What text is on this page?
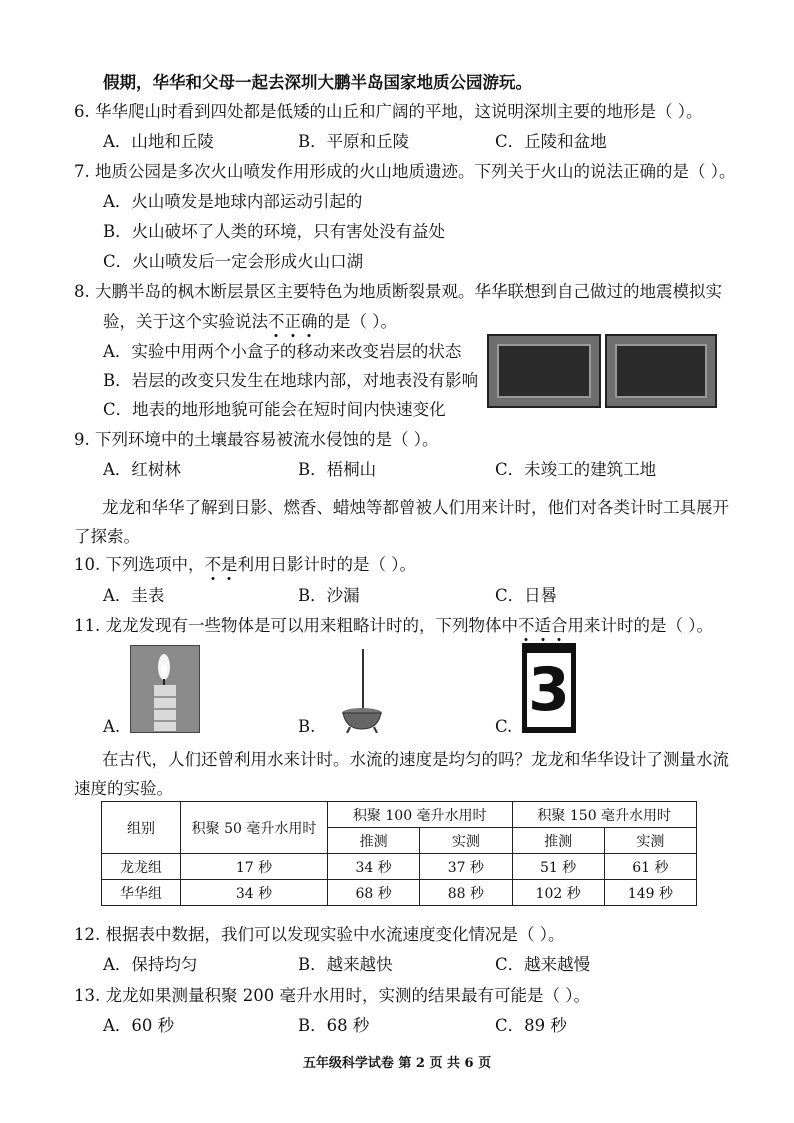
假期，华华和父母一起去深圳大鹏半岛国家地质公园游玩。
6. 华华爬山时看到四处都是低矮的山丘和广阔的平地，这说明深圳主要的地形是（ ）。
A．山地和丘陵	B．平原和丘陵	C．丘陵和盆地
7. 地质公园是多次火山喷发作用形成的火山地质遗迹。下列关于火山的说法正确的是（ ）。
A．火山喷发是地球内部运动引起的
B．火山破坏了人类的环境，只有害处没有益处
C．火山喷发后一定会形成火山口湖
8. 大鹏半岛的枫木断层景区主要特色为地质断裂景观。华华联想到自己做过的地震模拟实
验，关于这个实验说法不正确的是（ ）。
A．实验中用两个小盒子的移动来改变岩层的状态
B．岩层的改变只发生在地球内部，对地表没有影响
C．地表的地形地貌可能会在短时间内快速变化
9. 下列环境中的土壤最容易被流水侵蚀的是（ ）。
A．红树林	B．梧桐山	C．未竣工的建筑工地
龙龙和华华了解到日影、燃香、蜡烛等都曾被人们用来计时，他们对各类计时工具展开了探索。
10. 下列选项中，不是利用日影计时的是（ ）。
A．圭表	B．沙漏	C．日晷
11. 龙龙发现有一些物体是可以用来粗略计时的，下列物体中不适合用来计时的是（ ）。
A.	B.	C.
3
在古代，人们还曾利用水来计时。水流的速度是均匀的吗？龙龙和华华设计了测量水流速度的实验。
组别	积聚 50 毫升水用时	积聚 100 毫升水用时		积聚 150 毫升水用时	
		推测	实测	推测	实测
龙龙组	17 秒	34 秒	37 秒	51 秒	61 秒
华华组	34 秒	68 秒	88 秒	102 秒	149 秒
12. 根据表中数据，我们可以发现实验中水流速度变化情况是（ ）。
A．保持均匀	B．越来越快	C．越来越慢
13. 龙龙如果测量积聚 200 毫升水用时，实测的结果最有可能是（ ）。
A．60 秒	B．68 秒	C．89 秒
五年级科学试卷 第 2 页 共 6 页
